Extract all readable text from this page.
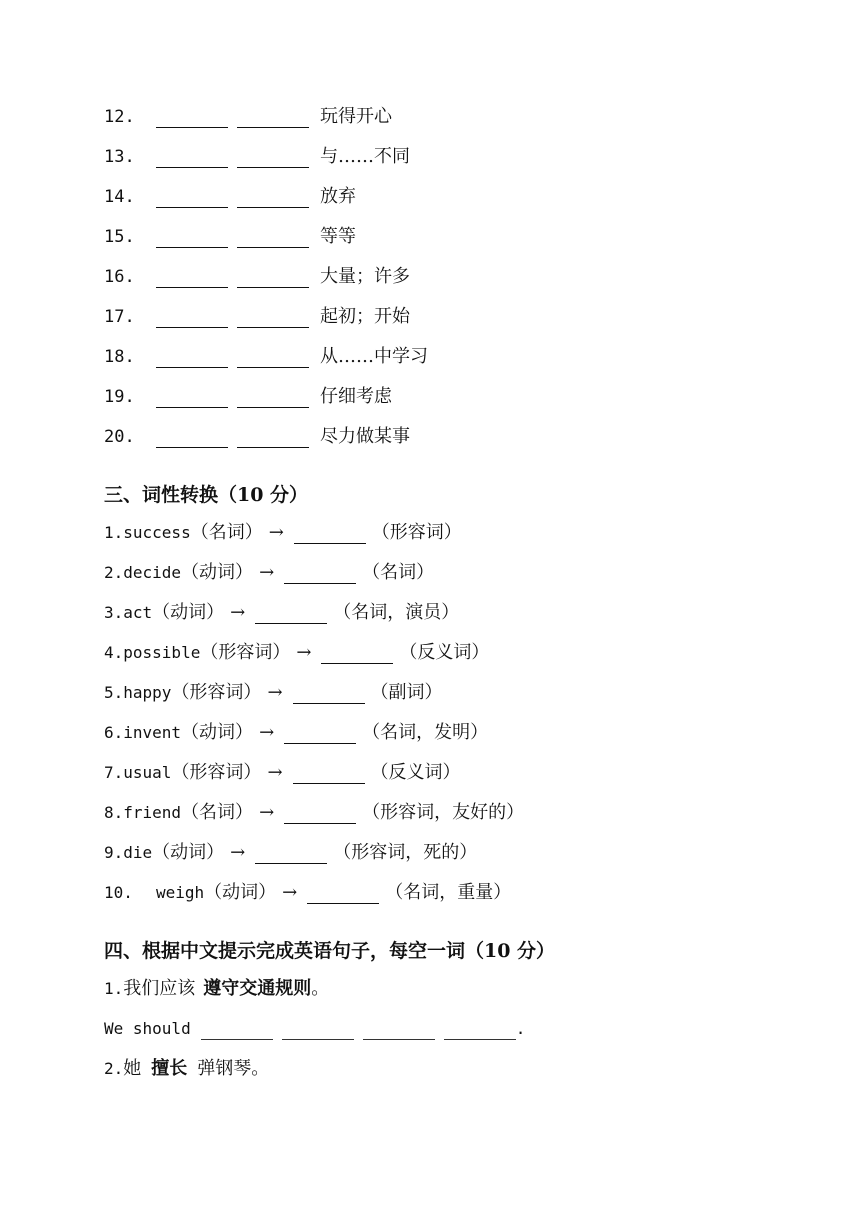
12.	玩得开心
13.	与……不同
14.	放弃
15.	等等
16.	大量；许多
17.	起初；开始
18.	从……中学习
19.	仔细考虑
20.	尽力做某事
三、词性转换（10 分）
1. success （名词） →	（形容词）
2. decide （动词） →	（名词）
3. act （动词） →	（名词，演员）
4. possible （形容词） →	（反义词）
5. happy （形容词） →	（副词）
6. invent （动词） →	（名词，发明）
7. usual （形容词） →	（反义词）
8. friend （名词） →	（形容词，友好的）
9. die （动词） →	（形容词，死的）
10.	weigh （动词） →	（名词，重量）
四、根据中文提示完成英语句子，每空一词（10 分）
1. 我们应该 遵守交通规则 。
We should	.
2. 她 擅长 弹钢琴。
